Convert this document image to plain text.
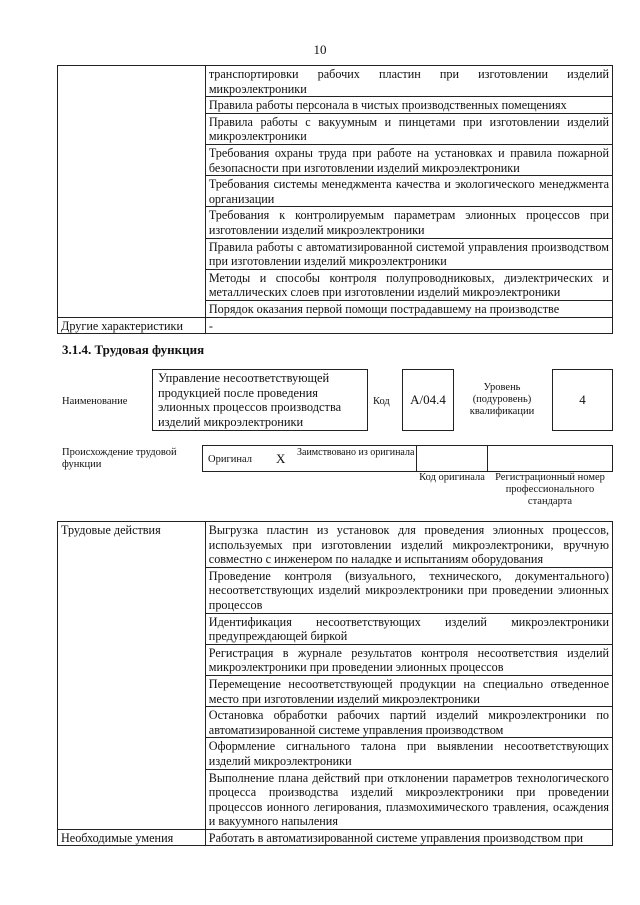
10
	транспортировки рабочих пластин при изготовлении изделий микроэлектроники
	Правила работы персонала в чистых производственных помещениях
	Правила работы с вакуумным и пинцетами при изготовлении изделий микроэлектроники
	Требования охраны труда при работе на установках и правила пожарной безопасности при изготовлении изделий микроэлектроники
	Требования системы менеджмента качества и экологического менеджмента организации
	Требования к контролируемым параметрам элионных процессов при изготовлении изделий микроэлектроники
	Правила работы с автоматизированной системой управления производством при изготовлении изделий микроэлектроники
	Методы и способы контроля полупроводниковых, диэлектрических и металлических слоев при изготовлении изделий микроэлектроники
	Порядок оказания первой помощи пострадавшему на производстве
Другие характеристики	-
3.1.4. Трудовая функция
Наименование
Управление несоответствующей продукцией после проведения элионных процессов производства изделий микроэлектроники
Код	A/04.4
Уровень (подуровень) квалификации
4
Происхождение трудовой функции	Оригинал X Заимствовано из оригинала
Код оригинала Регистрационный номер профессионального стандарта
Трудовые действия	Выгрузка пластин из установок для проведения элионных процессов, используемых при изготовлении изделий микроэлектроники, вручную совместно с инженером по наладке и испытаниям оборудования
	Проведение контроля (визуального, технического, документального) несоответствующих изделий микроэлектроники при проведении элионных процессов
	Идентификация несоответствующих изделий микроэлектроники предупреждающей биркой
	Регистрация в журнале результатов контроля несоответствия изделий микроэлектроники при проведении элионных процессов
	Перемещение несоответствующей продукции на специально отведенное место при изготовлении изделий микроэлектроники
	Остановка обработки рабочих партий изделий микроэлектроники по автоматизированной системе управления производством
	Оформление сигнального талона при выявлении несоответствующих изделий микроэлектроники
	Выполнение плана действий при отклонении параметров технологического процесса производства изделий микроэлектроники при проведении процессов ионного легирования, плазмохимического травления, осаждения и вакуумного напыления
Необходимые умения	Работать в автоматизированной системе управления производством при
